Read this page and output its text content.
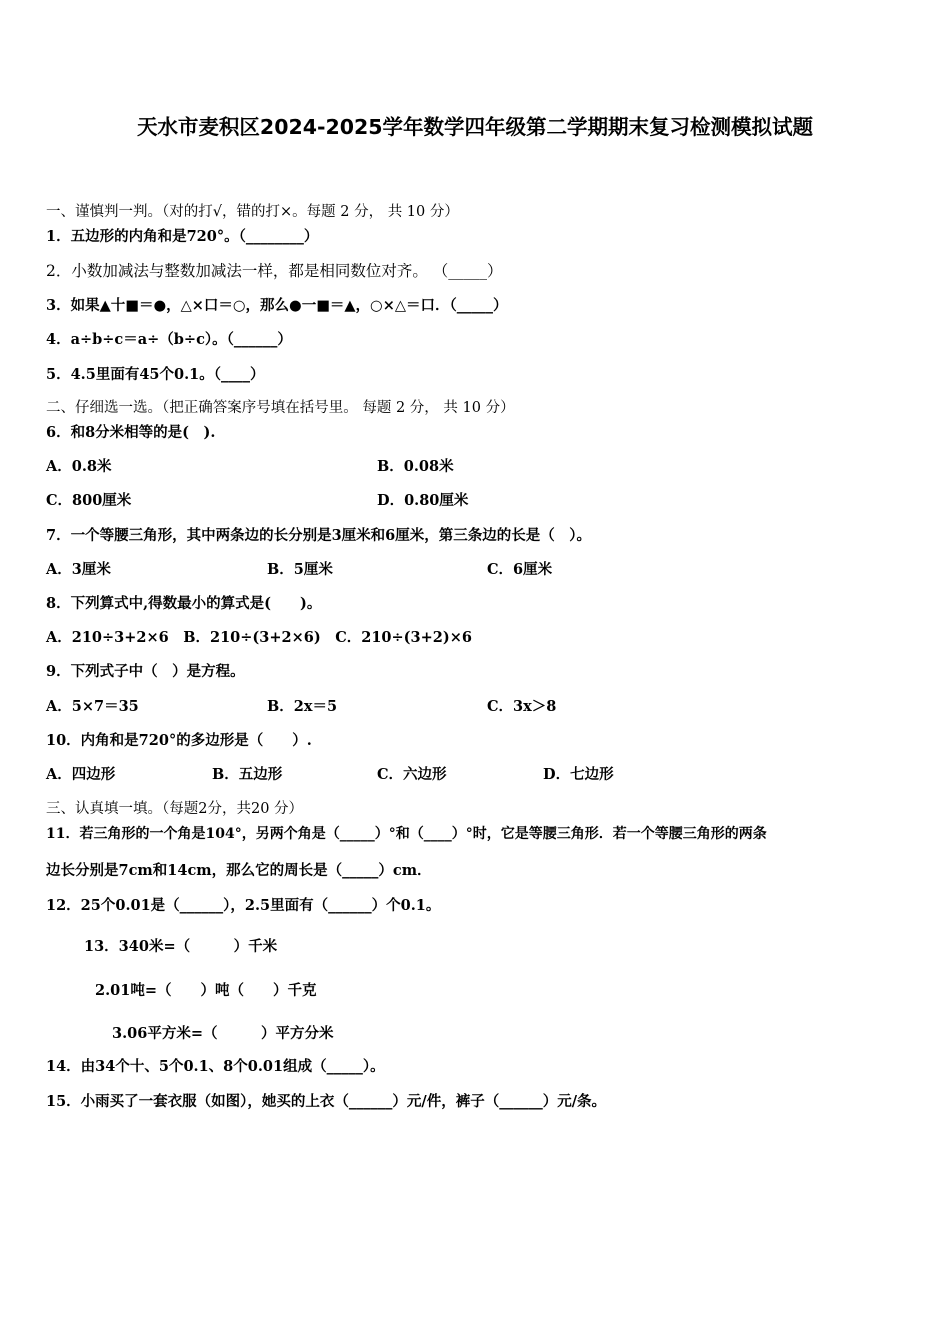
天水市麦积区2024-2025学年数学四年级第二学期期末复习检测模拟试题
一、谨慎判一判。（对的打√，错的打×。每题 2 分， 共 10 分）
1．五边形的内角和是720°。（________）
2．小数加减法与整数加减法一样，都是相同数位对齐。 （_____）
3．如果▲十■＝●，△×口＝○，那么●一■＝▲，○×△＝口．（_____）
4．a÷b÷c＝a÷（b÷c）。（______）
5．4.5里面有45个0.1。（____）
二、仔细选一选。（把正确答案序号填在括号里。 每题 2 分， 共 10 分）
6．和8分米相等的是(　).
A．0.8米	B．0.08米
C．800厘米	D．0.80厘米
7．一个等腰三角形，其中两条边的长分别是3厘米和6厘米，第三条边的长是（　）。
A．3厘米	B．5厘米	C．6厘米
8．下列算式中,得数最小的算式是(　　)。
A．210÷3+2×6　B．210÷(3+2×6)　C．210÷(3+2)×6
9．下列式子中（　）是方程。
A．5×7＝35	B．2x＝5	C．3x＞8
10．内角和是720°的多边形是（　　）.
A．四边形	B．五边形	C．六边形	D．七边形
三、认真填一填。（每题2分，共20 分）
11．若三角形的一个角是104°，另两个角是（_____）°和（____）°时，它是等腰三角形．若一个等腰三角形的两条
边长分别是7cm和14cm，那么它的周长是（_____）cm．
12．25个0.01是（______），2.5里面有（______）个0.1。
13．340米=（　　　）千米
2.01吨=（　　）吨（　　）千克
3.06平方米=（　　　）平方分米
14．由34个十、5个0.1、8个0.01组成（_____）。
15．小雨买了一套衣服（如图），她买的上衣（______）元/件，裤子（______）元/条。
